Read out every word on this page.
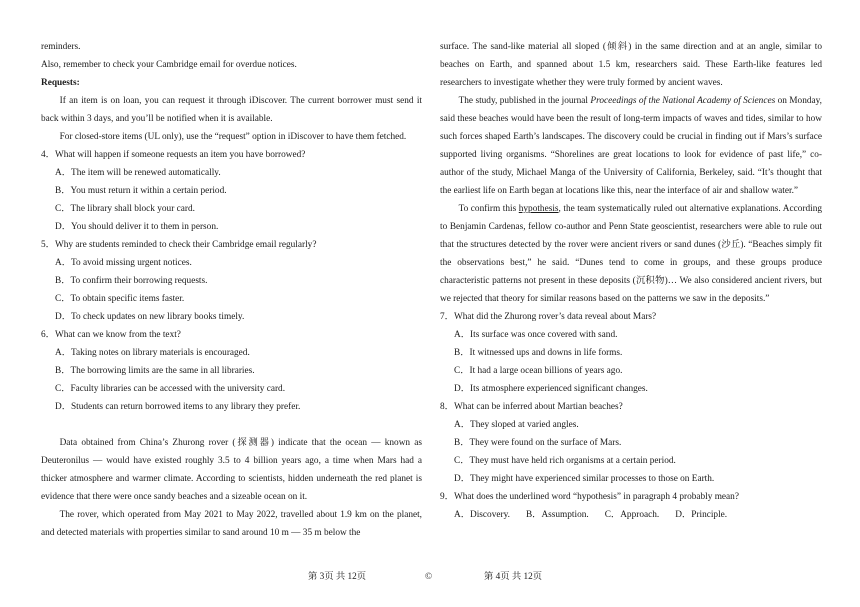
reminders.

Also, remember to check your Cambridge email for overdue notices.

Requests:

If an item is on loan, you can request it through iDiscover. The current borrower must send it back within 3 days, and you’ll be notified when it is available.

For closed-store items (UL only), use the “request” option in iDiscover to have them fetched.

4．What will happen if someone requests an item you have borrowed?

A．The item will be renewed automatically.

B．You must return it within a certain period.

C．The library shall block your card.

D．You should deliver it to them in person.

5．Why are students reminded to check their Cambridge email regularly?

A．To avoid missing urgent notices.

B．To confirm their borrowing requests.

C．To obtain specific items faster.

D．To check updates on new library books timely.

6．What can we know from the text?

A．Taking notes on library materials is encouraged.

B．The borrowing limits are the same in all libraries.

C．Faculty libraries can be accessed with the university card.

D．Students can return borrowed items to any library they prefer.

Data obtained from China’s Zhurong rover (探测器) indicate that the ocean — known as Deuteronilus — would have existed roughly 3.5 to 4 billion years ago, a time when Mars had a thicker atmosphere and warmer climate. According to scientists, hidden underneath the red planet is evidence that there were once sandy beaches and a sizeable ocean on it.

The rover, which operated from May 2021 to May 2022, travelled about 1.9 km on the planet, and detected materials with properties similar to sand around 10 m — 35 m below the

surface. The sand-like material all sloped (倾斜) in the same direction and at an angle, similar to beaches on Earth, and spanned about 1.5 km, researchers said. These Earth-like features led researchers to investigate whether they were truly formed by ancient waves.

The study, published in the journal Proceedings of the National Academy of Sciences on Monday, said these beaches would have been the result of long-term impacts of waves and tides, similar to how such forces shaped Earth’s landscapes. The discovery could be crucial in finding out if Mars’s surface supported living organisms. “Shorelines are great locations to look for evidence of past life,” co-author of the study, Michael Manga of the University of California, Berkeley, said. “It’s thought that the earliest life on Earth began at locations like this, near the interface of air and shallow water.”

To confirm this hypothesis, the team systematically ruled out alternative explanations. According to Benjamin Cardenas, fellow co-author and Penn State geoscientist, researchers were able to rule out that the structures detected by the rover were ancient rivers or sand dunes (沙丘). “Beaches simply fit the observations best,” he said. “Dunes tend to come in groups, and these groups produce characteristic patterns not present in these deposits (沉积物)… We also considered ancient rivers, but we rejected that theory for similar reasons based on the patterns we saw in the deposits.”

7．What did the Zhurong rover’s data reveal about Mars?

A．Its surface was once covered with sand.

B．It witnessed ups and downs in life forms.

C．It had a large ocean billions of years ago.

D．Its atmosphere experienced significant changes.

8．What can be inferred about Martian beaches?

A．They sloped at varied angles.

B．They were found on the surface of Mars.

C．They must have held rich organisms at a certain period.

D．They might have experienced similar processes to those on Earth.

9．What does the underlined word “hypothesis” in paragraph 4 probably mean?

A．Discovery. B．Assumption. C．Approach. D．Principle.
第 3页 共 12页	©	第 4页 共 12页
